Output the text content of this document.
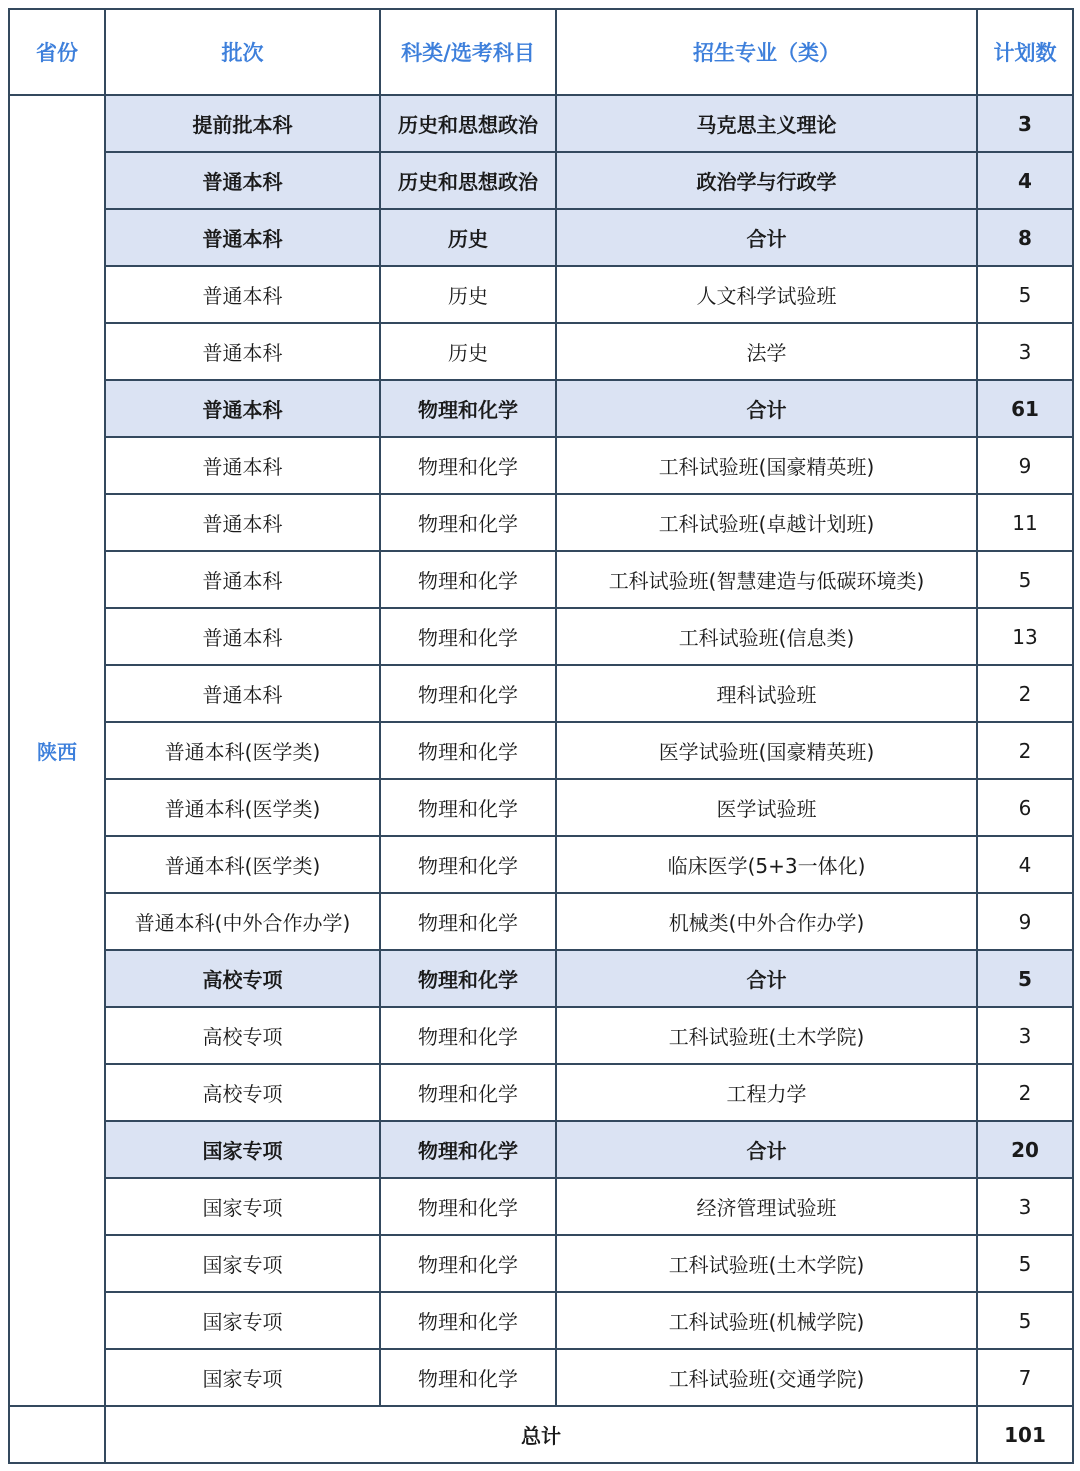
省份	批次	科类/选考科目	招生专业（类）	计划数
陕西	提前批本科	历史和思想政治	马克思主义理论	3
	普通本科	历史和思想政治	政治学与行政学	4
	普通本科	历史	合计	8
	普通本科	历史	人文科学试验班	5
	普通本科	历史	法学	3
	普通本科	物理和化学	合计	61
	普通本科	物理和化学	工科试验班(国豪精英班)	9
	普通本科	物理和化学	工科试验班(卓越计划班)	11
	普通本科	物理和化学	工科试验班(智慧建造与低碳环境类)	5
	普通本科	物理和化学	工科试验班(信息类)	13
	普通本科	物理和化学	理科试验班	2
	普通本科(医学类)	物理和化学	医学试验班(国豪精英班)	2
	普通本科(医学类)	物理和化学	医学试验班	6
	普通本科(医学类)	物理和化学	临床医学(5+3一体化)	4
	普通本科(中外合作办学)	物理和化学	机械类(中外合作办学)	9
	高校专项	物理和化学	合计	5
	高校专项	物理和化学	工科试验班(土木学院)	3
	高校专项	物理和化学	工程力学	2
	国家专项	物理和化学	合计	20
	国家专项	物理和化学	经济管理试验班	3
	国家专项	物理和化学	工科试验班(土木学院)	5
	国家专项	物理和化学	工科试验班(机械学院)	5
	国家专项	物理和化学	工科试验班(交通学院)	7
	总计			101
